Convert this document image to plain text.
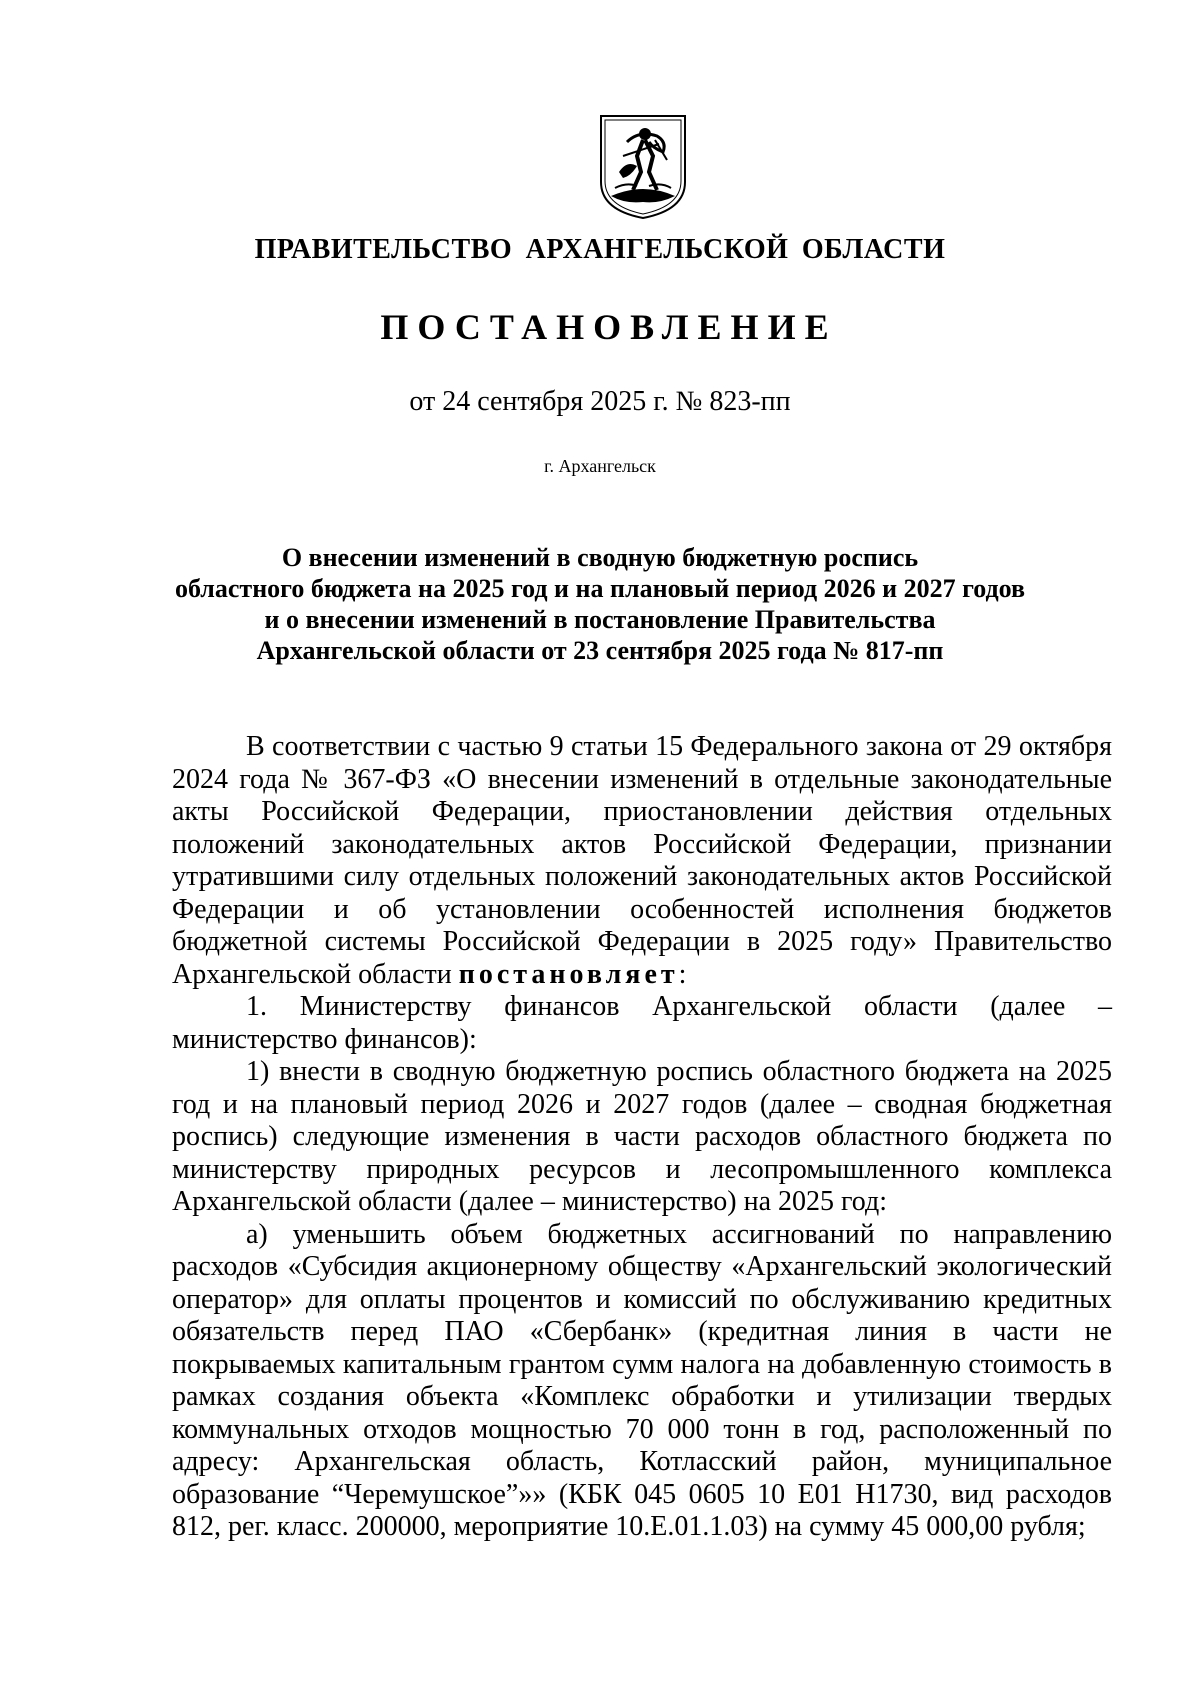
ПРАВИТЕЛЬСТВО АРХАНГЕЛЬСКОЙ ОБЛАСТИ
ПОСТАНОВЛЕНИЕ
от 24 сентября 2025 г. № 823-пп
г. Архангельск
О внесении изменений в сводную бюджетную роспись
областного бюджета на 2025 год и на плановый период 2026 и 2027 годов
и о внесении изменений в постановление Правительства
Архангельской области от 23 сентября 2025 года № 817-пп

В соответствии с частью 9 статьи 15 Федерального закона от 29 октября 2024 года № 367-ФЗ «О внесении изменений в отдельные законодательные акты Российской Федерации, приостановлении действия отдельных положений законодательных актов Российской Федерации, признании утратившими силу отдельных положений законодательных актов Российской Федерации и об установлении особенностей исполнения бюджетов бюджетной системы Российской Федерации в 2025 году» Правительство Архангельской области постановляет:

1. Министерству финансов Архангельской области (далее – министерство финансов):

1) внести в сводную бюджетную роспись областного бюджета на 2025 год и на плановый период 2026 и 2027 годов (далее – сводная бюджетная роспись) следующие изменения в части расходов областного бюджета по министерству природных ресурсов и лесопромышленного комплекса Архангельской области (далее – министерство) на 2025 год:

а) уменьшить объем бюджетных ассигнований по направлению расходов «Субсидия акционерному обществу «Архангельский экологический оператор» для оплаты процентов и комиссий по обслуживанию кредитных обязательств перед ПАО «Сбербанк» (кредитная линия в части не покрываемых капитальным грантом сумм налога на добавленную стоимость в рамках создания объекта «Комплекс обработки и утилизации твердых коммунальных отходов мощностью 70 000 тонн в год, расположенный по адресу: Архангельская область, Котласский район, муниципальное образование “Черемушское”»» (КБК 045 0605 10 Е01 Н1730, вид расходов 812, рег. класс. 200000, мероприятие 10.Е.01.1.03) на сумму 45 000,00 рубля;
